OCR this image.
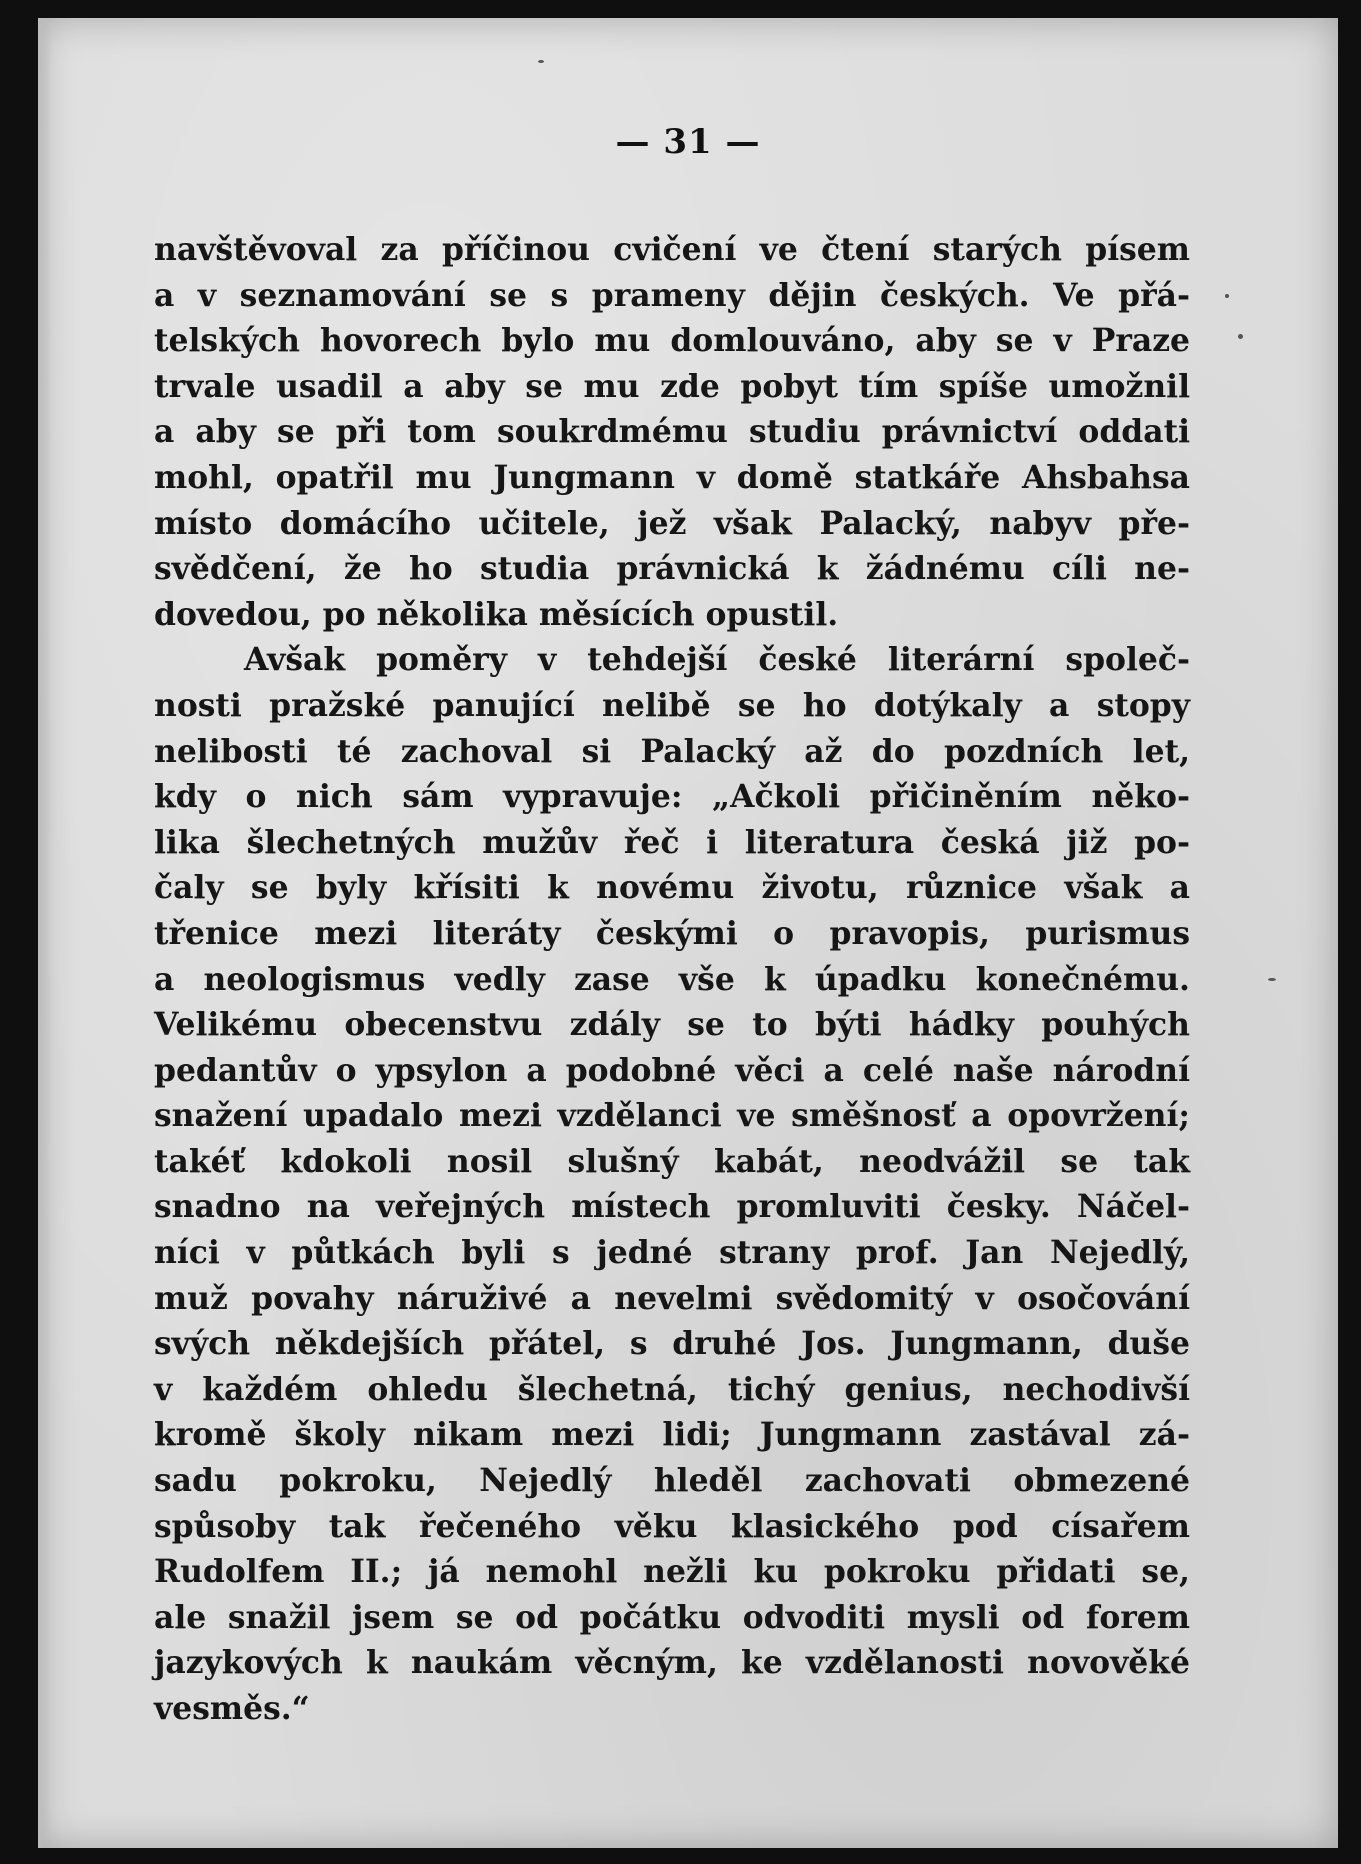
— 31 —
navštěvoval za příčinou cvičení ve čtení starých písem
a v seznamování se s prameny dějin českých. Ve přá-
telských hovorech bylo mu domlouváno, aby se v Praze
trvale usadil a aby se mu zde pobyt tím spíše umožnil
a aby se při tom soukrdmému studiu právnictví oddati
mohl, opatřil mu Jungmann v domě statkáře Ahsbahsa
místo domácího učitele, jež však Palacký, nabyv pře-
svědčení, že ho studia právnická k žádnému cíli ne-
dovedou, po několika měsících opustil.
Avšak poměry v tehdejší české literární společ-
nosti pražské panující nelibě se ho dotýkaly a stopy
nelibosti té zachoval si Palacký až do pozdních let,
kdy o nich sám vypravuje: „Ačkoli přičiněním něko-
lika šlechetných mužův řeč i literatura česká již po-
čaly se byly křísiti k novému životu, různice však a
třenice mezi literáty českými o pravopis, purismus
a neologismus vedly zase vše k úpadku konečnému.
Velikému obecenstvu zdály se to býti hádky pouhých
pedantův o ypsylon a podobné věci a celé naše národní
snažení upadalo mezi vzdělanci ve směšnosť a opovržení;
takéť kdokoli nosil slušný kabát, neodvážil se tak
snadno na veřejných místech promluviti česky. Náčel-
níci v půtkách byli s jedné strany prof. Jan Nejedlý,
muž povahy náruživé a nevelmi svědomitý v osočování
svých někdejších přátel, s druhé Jos. Jungmann, duše
v každém ohledu šlechetná, tichý genius, nechodivší
kromě školy nikam mezi lidi; Jungmann zastával zá-
sadu pokroku, Nejedlý hleděl zachovati obmezené
spůsoby tak řečeného věku klasického pod císařem
Rudolfem II.; já nemohl nežli ku pokroku přidati se,
ale snažil jsem se od počátku odvoditi mysli od forem
jazykových k naukám věcným, ke vzdělanosti novověké
vesměs.“
